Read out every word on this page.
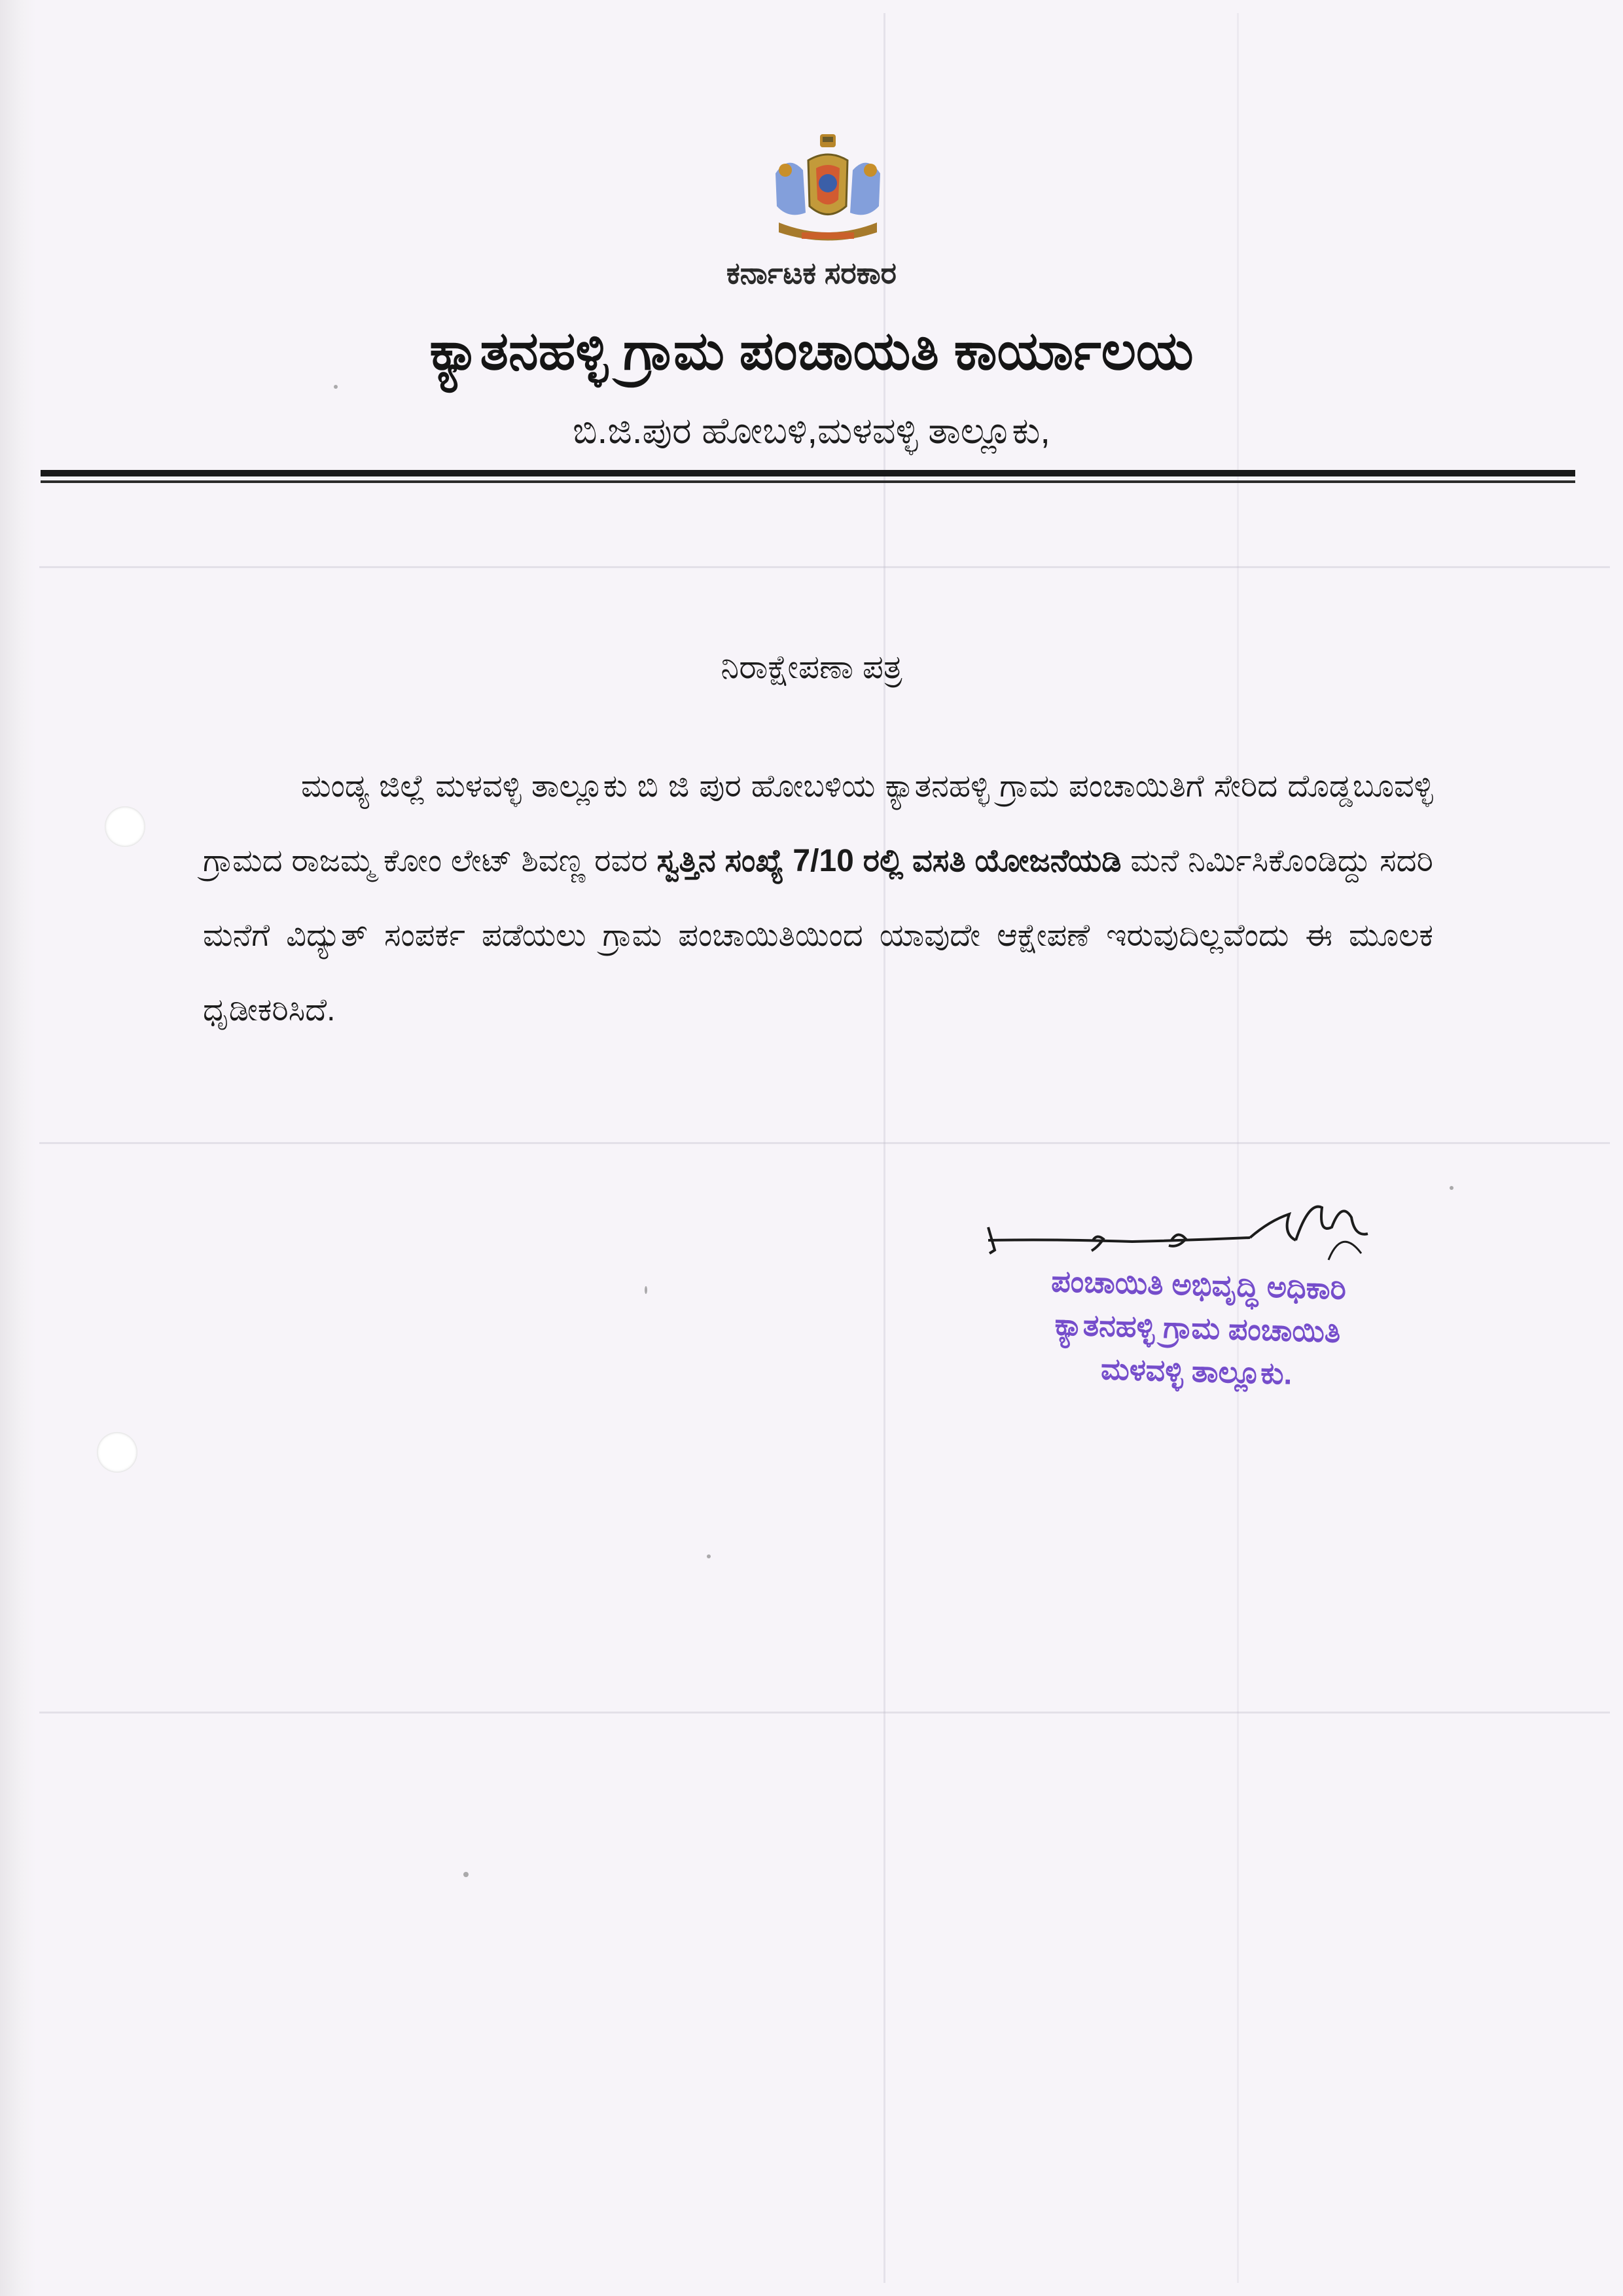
ಕರ್ನಾಟಕ ಸರಕಾರ
ಕ್ಯಾತನಹಳ್ಳಿ ಗ್ರಾಮ ಪಂಚಾಯತಿ ಕಾರ್ಯಾಲಯ
ಬಿ.ಜಿ.ಪುರ ಹೋಬಳಿ,ಮಳವಳ್ಳಿ ತಾಲ್ಲೂಕು,
ನಿರಾಕ್ಷೇಪಣಾ ಪತ್ರ
ಮಂಡ್ಯ ಜಿಲ್ಲೆ ಮಳವಳ್ಳಿ ತಾಲ್ಲೂಕು ಬಿ ಜಿ ಪುರ ಹೋಬಳಿಯ ಕ್ಯಾತನಹಳ್ಳಿ ಗ್ರಾಮ ಪಂಚಾಯಿತಿಗೆ ಸೇರಿದ ದೊಡ್ಡಬೂವಳ್ಳಿ ಗ್ರಾಮದ ರಾಜಮ್ಮ ಕೋಂ ಲೇಟ್ ಶಿವಣ್ಣ ರವರ ಸ್ವತ್ತಿನ ಸಂಖ್ಯೆ 7/10 ರಲ್ಲಿ ವಸತಿ ಯೋಜನೆಯಡಿ ಮನೆ ನಿರ್ಮಿಸಿಕೊಂಡಿದ್ದು ಸದರಿ ಮನೆಗೆ ವಿದ್ಯುತ್ ಸಂಪರ್ಕ ಪಡೆಯಲು ಗ್ರಾಮ ಪಂಚಾಯಿತಿಯಿಂದ ಯಾವುದೇ ಆಕ್ಷೇಪಣೆ ಇರುವುದಿಲ್ಲವೆಂದು ಈ ಮೂಲಕ ಧೃಡೀಕರಿಸಿದೆ.
ಪಂಚಾಯಿತಿ ಅಭಿವೃದ್ಧಿ ಅಧಿಕಾರಿ
ಕ್ಯಾತನಹಳ್ಳಿ ಗ್ರಾಮ ಪಂಚಾಯಿತಿ
ಮಳವಳ್ಳಿ ತಾಲ್ಲೂಕು.
